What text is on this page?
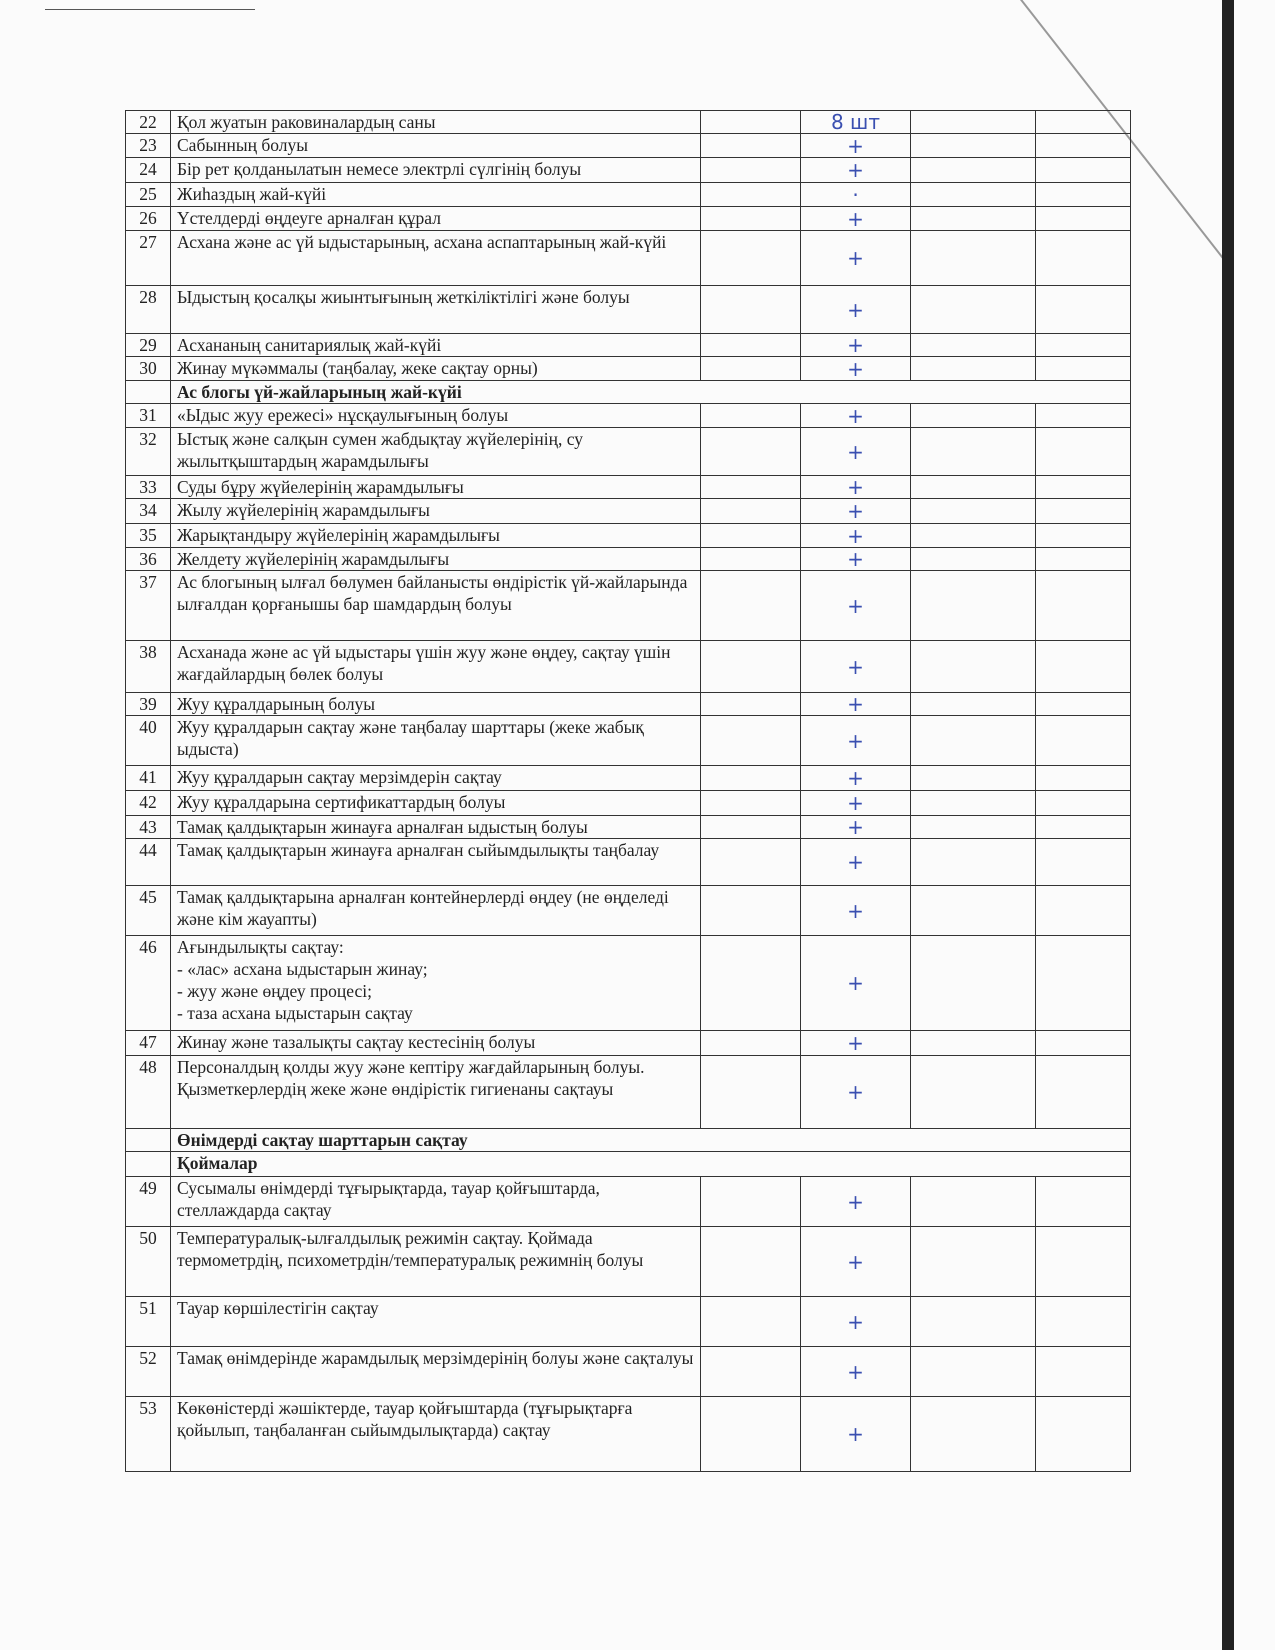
22	Қол жуатын раковиналардың саны		8 шт		
23	Сабынның болуы		+		
24	Бір рет қолданылатын немесе электрлі сүлгінің болуы		+		
25	Жиһаздың жай-күйі		·		
26	Үстелдерді өңдеуге арналған құрал		+		
27	Асхана және ас үй ыдыстарының, асхана аспаптарының жай-күйі		+		
28	Ыдыстың қосалқы жиынтығының жеткіліктілігі және болуы		+		
29	Асхананың санитариялық жай-күйі		+		
30	Жинау мүкәммалы (таңбалау, жеке сақтау орны)		+		
	Ас блогы үй-жайларының жай-күйі				
31	«Ыдыс жуу ережесі» нұсқаулығының болуы		+		
32	Ыстық және салқын сумен жабдықтау жүйелерінің, су жылытқыштардың жарамдылығы		+		
33	Суды бұру жүйелерінің жарамдылығы		+		
34	Жылу жүйелерінің жарамдылығы		+		
35	Жарықтандыру жүйелерінің жарамдылығы		+		
36	Желдету жүйелерінің жарамдылығы		+		
37	Ас блогының ылғал бөлумен байланысты өндірістік үй-жайларында ылғалдан қорғанышы бар шамдардың болуы		+		
38	Асханада және ас үй ыдыстары үшін жуу және өңдеу, сақтау үшін жағдайлардың бөлек болуы		+		
39	Жуу құралдарының болуы		+		
40	Жуу құралдарын сақтау және таңбалау шарттары (жеке жабық ыдыста)		+		
41	Жуу құралдарын сақтау мерзімдерін сақтау		+		
42	Жуу құралдарына сертификаттардың болуы		+		
43	Тамақ қалдықтарын жинауға арналған ыдыстың болуы		+		
44	Тамақ қалдықтарын жинауға арналған сыйымдылықты таңбалау		+		
45	Тамақ қалдықтарына арналған контейнерлерді өңдеу (не өңделеді және кім жауапты)		+		
46	Ағындылықты сақтау:
- «лас» асхана ыдыстарын жинау;
- жуу және өңдеу процесі;
- таза асхана ыдыстарын сақтау		+		
47	Жинау және тазалықты сақтау кестесінің болуы		+		
48	Персоналдың қолды жуу және кептіру жағдайларының болуы. Қызметкерлердің жеке және өндірістік гигиенаны сақтауы		+		
	Өнімдерді сақтау шарттарын сақтау				
	Қоймалар				
49	Сусымалы өнімдерді тұғырықтарда, тауар қойғыштарда, стеллаждарда сақтау		+		
50	Температуралық-ылғалдылық режимін сақтау. Қоймада термометрдің, психометрдін/температуралық режимнің болуы		+		
51	Тауар көршілестігін сақтау		+		
52	Тамақ өнімдерінде жарамдылық мерзімдерінің болуы және сақталуы		+		
53	Көкөністерді жәшіктерде, тауар қойғыштарда (тұғырықтарға қойылып, таңбаланған сыйымдылықтарда) сақтау		+		
